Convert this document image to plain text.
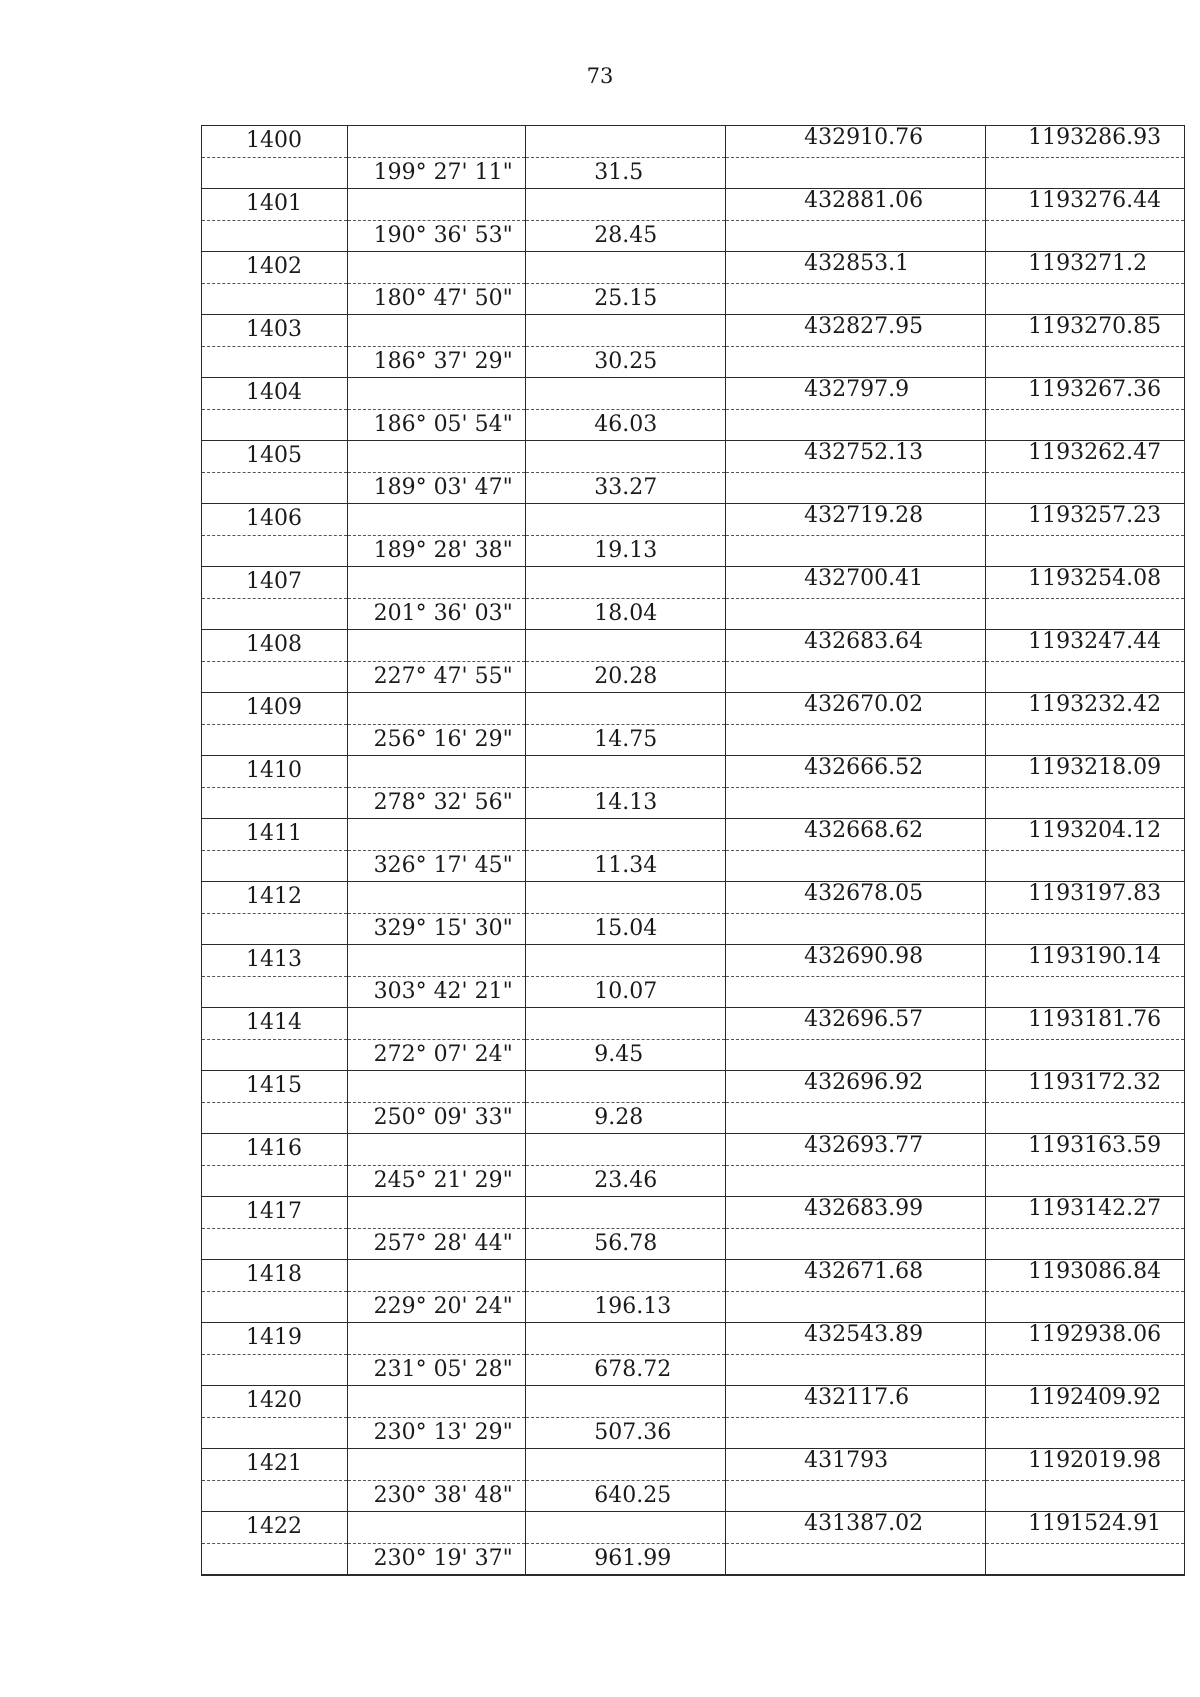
73
1400			432910.76	1193286.93
	199° 27' 11"	31.5		
1401			432881.06	1193276.44
	190° 36' 53"	28.45		
1402			432853.1	1193271.2
	180° 47' 50"	25.15		
1403			432827.95	1193270.85
	186° 37' 29"	30.25		
1404			432797.9	1193267.36
	186° 05' 54"	46.03		
1405			432752.13	1193262.47
	189° 03' 47"	33.27		
1406			432719.28	1193257.23
	189° 28' 38"	19.13		
1407			432700.41	1193254.08
	201° 36' 03"	18.04		
1408			432683.64	1193247.44
	227° 47' 55"	20.28		
1409			432670.02	1193232.42
	256° 16' 29"	14.75		
1410			432666.52	1193218.09
	278° 32' 56"	14.13		
1411			432668.62	1193204.12
	326° 17' 45"	11.34		
1412			432678.05	1193197.83
	329° 15' 30"	15.04		
1413			432690.98	1193190.14
	303° 42' 21"	10.07		
1414			432696.57	1193181.76
	272° 07' 24"	9.45		
1415			432696.92	1193172.32
	250° 09' 33"	9.28		
1416			432693.77	1193163.59
	245° 21' 29"	23.46		
1417			432683.99	1193142.27
	257° 28' 44"	56.78		
1418			432671.68	1193086.84
	229° 20' 24"	196.13		
1419			432543.89	1192938.06
	231° 05' 28"	678.72		
1420			432117.6	1192409.92
	230° 13' 29"	507.36		
1421			431793	1192019.98
	230° 38' 48"	640.25		
1422			431387.02	1191524.91
	230° 19' 37"	961.99		
